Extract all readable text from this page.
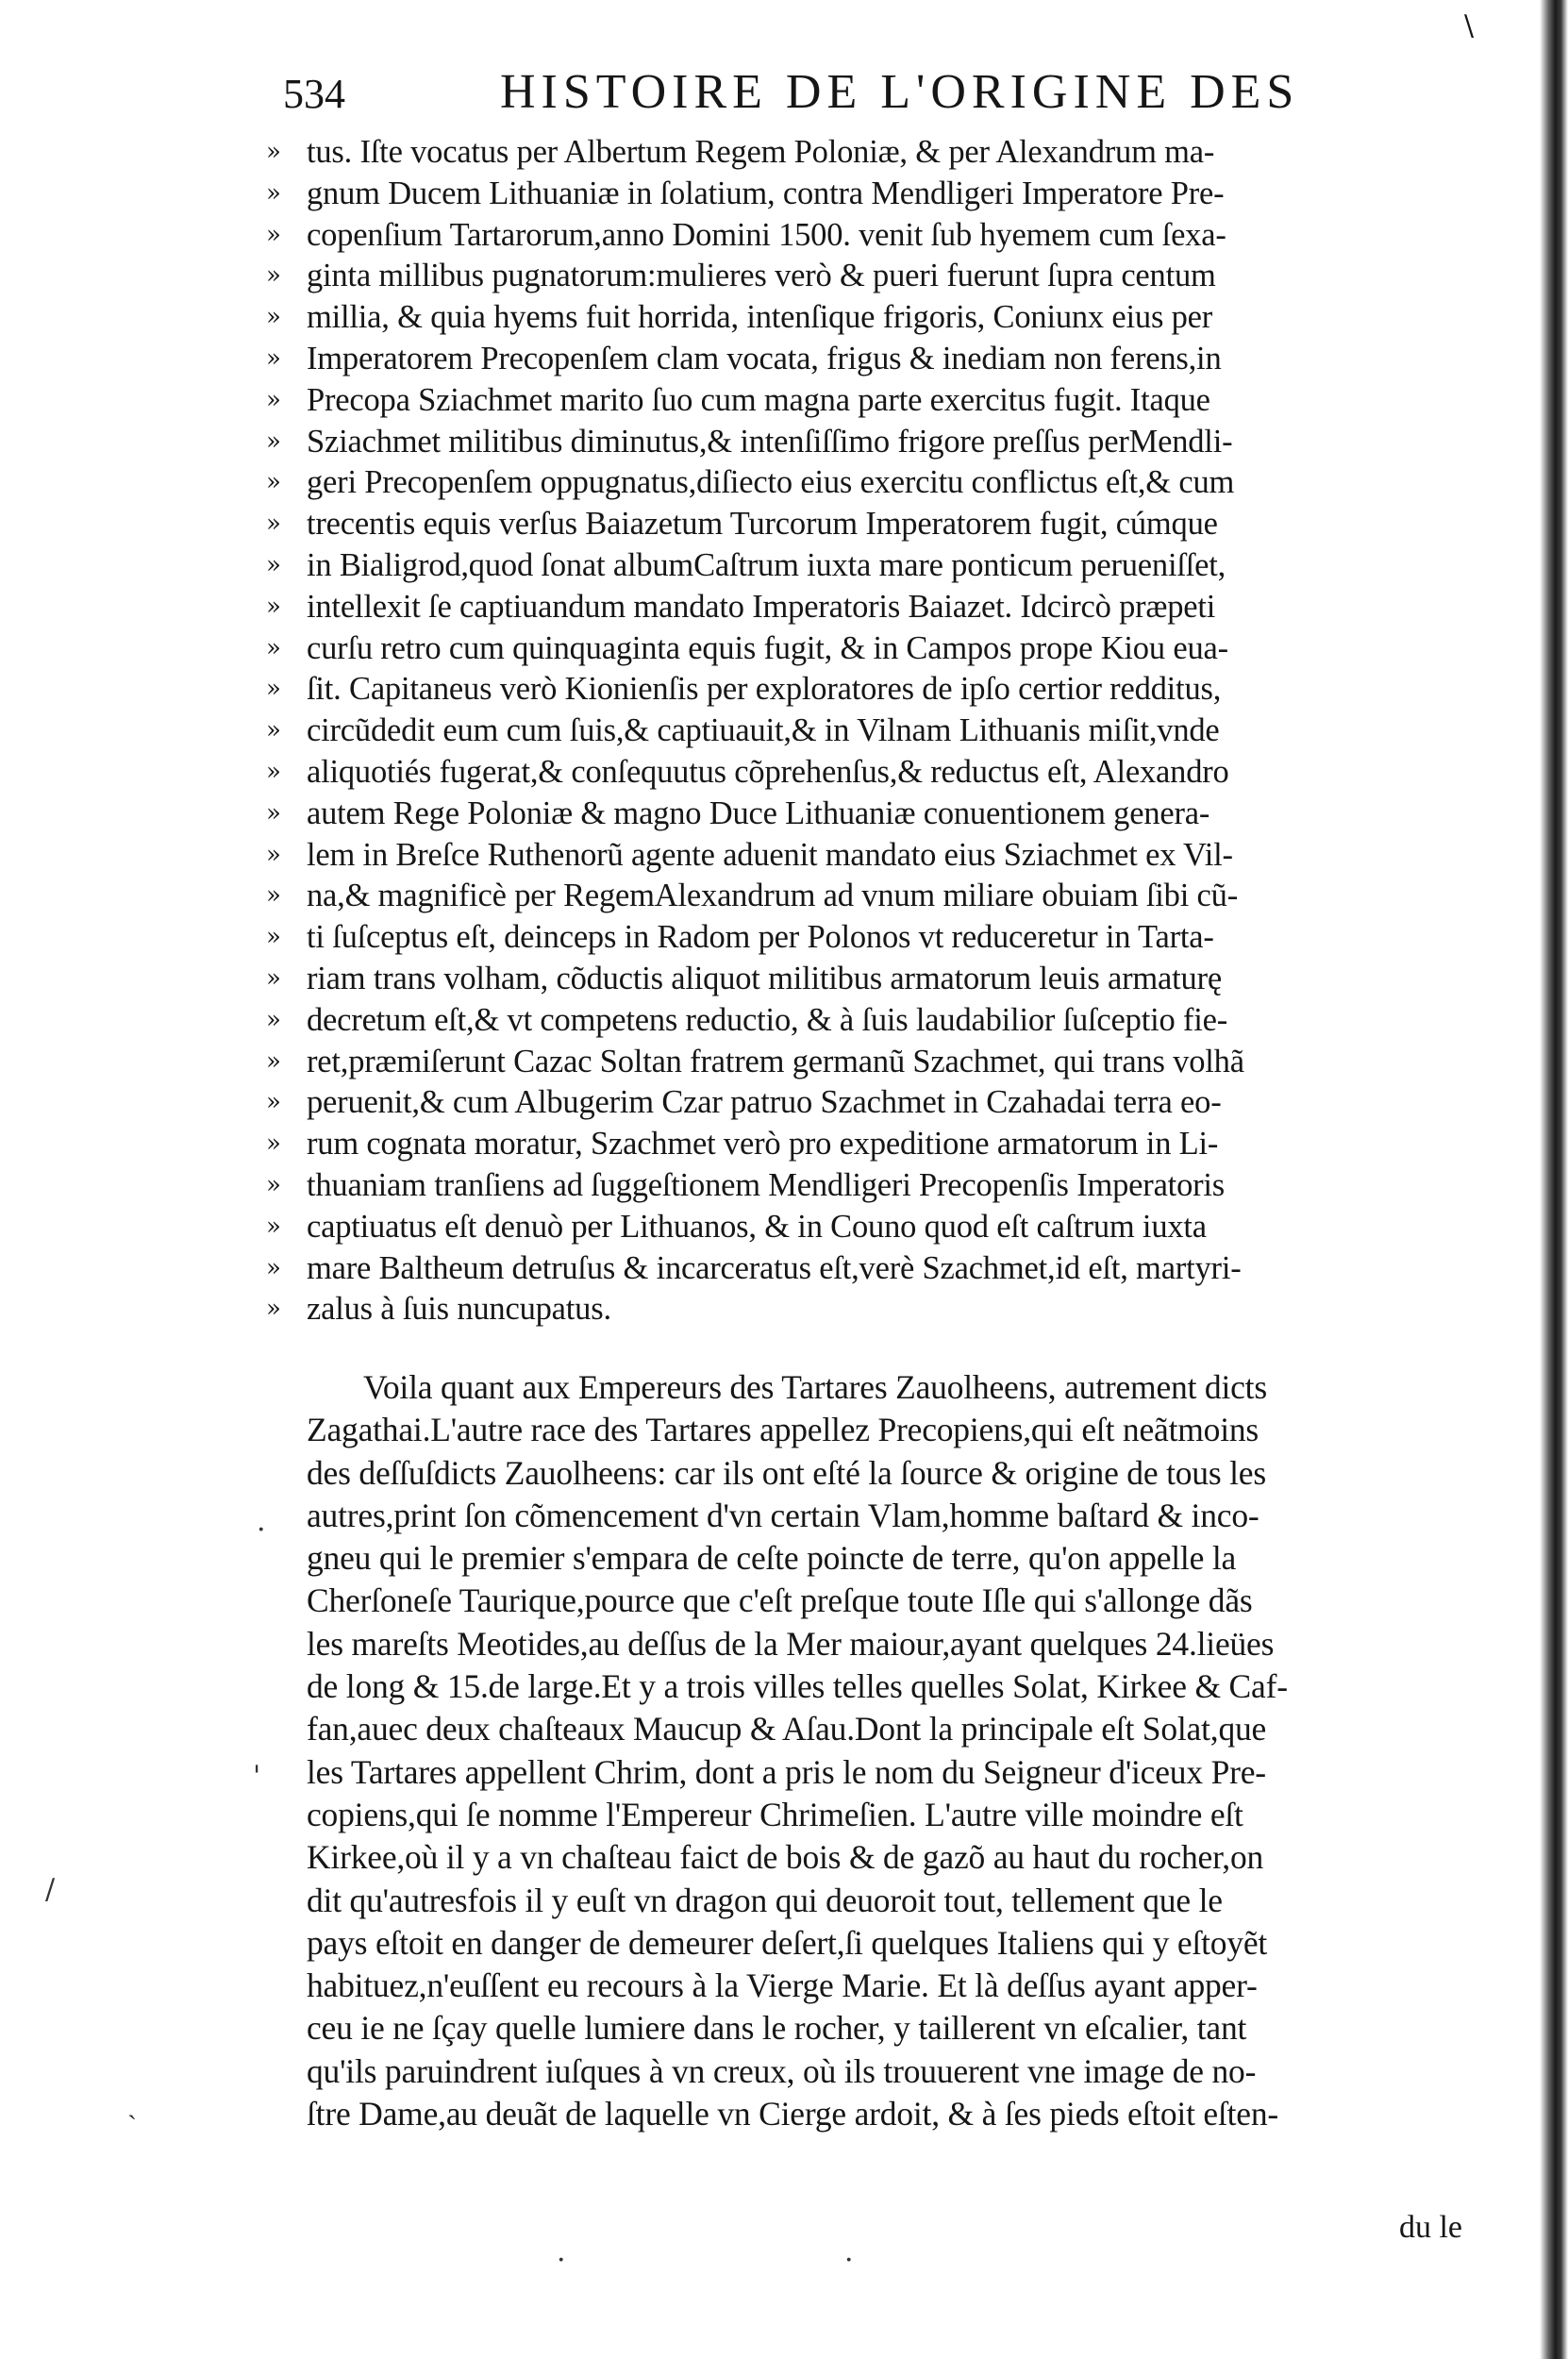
\
534	HISTOIRE DE L'ORIGINE DES
» tus. Iſte vocatus per Albertum Regem Poloniæ, & per Alexandrum ma-
» gnum Ducem Lithuaniæ in ſolatium, contra Mendligeri Imperatore Pre-
» copenſium Tartarorum,anno Domini 1500. venit ſub hyemem cum ſexa-
» ginta millibus pugnatorum:mulieres verò & pueri fuerunt ſupra centum
» millia, & quia hyems fuit horrida, intenſique frigoris, Coniunx eius per
» Imperatorem Precopenſem clam vocata, frigus & inediam non ferens,in
» Precopa Sziachmet marito ſuo cum magna parte exercitus fugit. Itaque
» Sziachmet militibus diminutus,& intenſiſſimo frigore preſſus perMendli-
» geri Precopenſem oppugnatus,diſiecto eius exercitu conflictus eſt,& cum
» trecentis equis verſus Baiazetum Turcorum Imperatorem fugit, cúmque
» in Bialigrod,quod ſonat albumCaſtrum iuxta mare ponticum perueniſſet,
» intellexit ſe captiuandum mandato Imperatoris Baiazet. Idcircò præpeti
» curſu retro cum quinquaginta equis fugit, & in Campos prope Kiou eua-
» ſit. Capitaneus verò Kionienſis per exploratores de ipſo certior redditus,
» circũdedit eum cum ſuis,& captiuauit,& in Vilnam Lithuanis miſit,vnde
» aliquotiés fugerat,& conſequutus cõprehenſus,& reductus eſt, Alexandro
» autem Rege Poloniæ & magno Duce Lithuaniæ conuentionem genera-
» lem in Breſce Ruthenorũ agente aduenit mandato eius Sziachmet ex Vil-
» na,& magnificè per RegemAlexandrum ad vnum miliare obuiam ſibi cũ-
» ti ſuſceptus eſt, deinceps in Radom per Polonos vt reduceretur in Tarta-
» riam trans volham, cõductis aliquot militibus armatorum leuis armaturę
» decretum eſt,& vt competens reductio, & à ſuis laudabilior ſuſceptio fie-
» ret,præmiſerunt Cazac Soltan fratrem germanũ Szachmet, qui trans volhã
» peruenit,& cum Albugerim Czar patruo Szachmet in Czahadai terra eo-
» rum cognata moratur, Szachmet verò pro expeditione armatorum in Li-
» thuaniam tranſiens ad ſuggeſtionem Mendligeri Precopenſis Imperatoris
» captiuatus eſt denuò per Lithuanos, & in Couno quod eſt caſtrum iuxta
» mare Baltheum detruſus & incarceratus eſt,verè Szachmet,id eſt, martyri-
» zalus à ſuis nuncupatus.
Voila quant aux Empereurs des Tartares Zauolheens, autrement dicts
Zagathai.L'autre race des Tartares appellez Precopiens,qui eſt neãtmoins
des deſſuſdicts Zauolheens: car ils ont eſté la ſource & origine de tous les
autres,print ſon cõmencement d'vn certain Vlam,homme baſtard & inco-
gneu qui le premier s'empara de ceſte poincte de terre, qu'on appelle la
Cherſoneſe Taurique,pource que c'eſt preſque toute Iſle qui s'allonge dãs
les mareſts Meotides,au deſſus de la Mer maiour,ayant quelques 24.lieües
de long & 15.de large.Et y a trois villes telles quelles Solat, Kirkee & Caf-
fan,auec deux chaſteaux Maucup & Aſau.Dont la principale eſt Solat,que
les Tartares appellent Chrim, dont a pris le nom du Seigneur d'iceux Pre-
copiens,qui ſe nomme l'Empereur Chrimeſien. L'autre ville moindre eſt
Kirkee,où il y a vn chaſteau faict de bois & de gazõ au haut du rocher,on
dit qu'autresfois il y euſt vn dragon qui deuoroit tout, tellement que le
pays eſtoit en danger de demeurer deſert,ſi quelques Italiens qui y eſtoyẽt
habituez,n'euſſent eu recours à la Vierge Marie. Et là deſſus ayant apper-
ceu ie ne ſçay quelle lumiere dans le rocher, y taillerent vn eſcalier, tant
qu'ils paruindrent iuſques à vn creux, où ils trouuerent vne image de no-
ſtre Dame,au deuãt de laquelle vn Cierge ardoit, & à ſes pieds eſtoit eſten-
·
'
/
˴
·	·
du le
